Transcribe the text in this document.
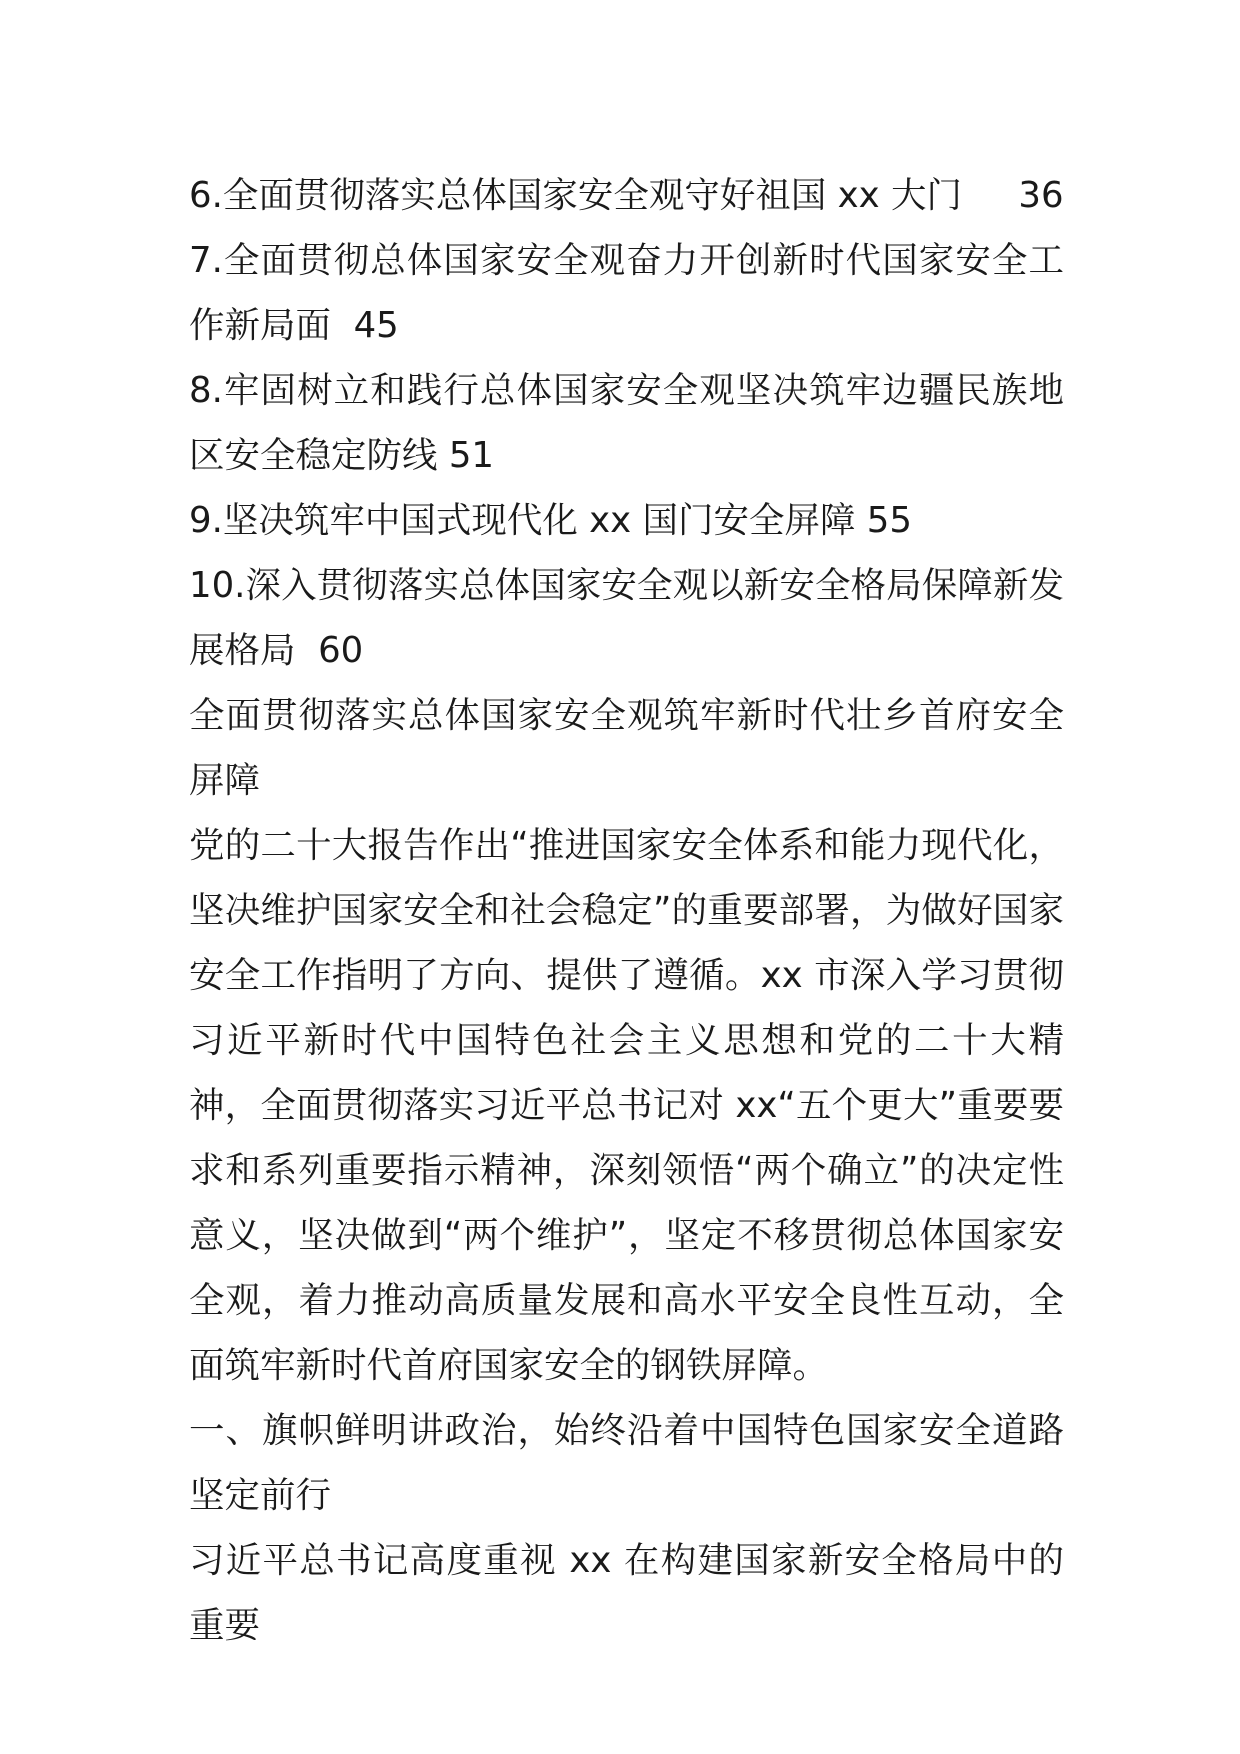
6.全面贯彻落实总体国家安全观守好祖国 xx 大门 36

7.全面贯彻总体国家安全观奋力开创新时代国家安全工作新局面 45

8.牢固树立和践行总体国家安全观坚决筑牢边疆民族地区安全稳定防线 51

9.坚决筑牢中国式现代化 xx 国门安全屏障 55

10.深入贯彻落实总体国家安全观以新安全格局保障新发展格局 60

全面贯彻落实总体国家安全观筑牢新时代壮乡首府安全屏障

党的二十大报告作出“推进国家安全体系和能力现代化，坚决维护国家安全和社会稳定”的重要部署，为做好国家安全工作指明了方向、提供了遵循。xx 市深入学习贯彻习近平新时代中国特色社会主义思想和党的二十大精神，全面贯彻落实习近平总书记对 xx“五个更大”重要要求和系列重要指示精神，深刻领悟“两个确立”的决定性意义，坚决做到“两个维护”，坚定不移贯彻总体国家安全观，着力推动高质量发展和高水平安全良性互动，全面筑牢新时代首府国家安全的钢铁屏障。

一、旗帜鲜明讲政治，始终沿着中国特色国家安全道路坚定前行

习近平总书记高度重视 xx 在构建国家新安全格局中的重要
